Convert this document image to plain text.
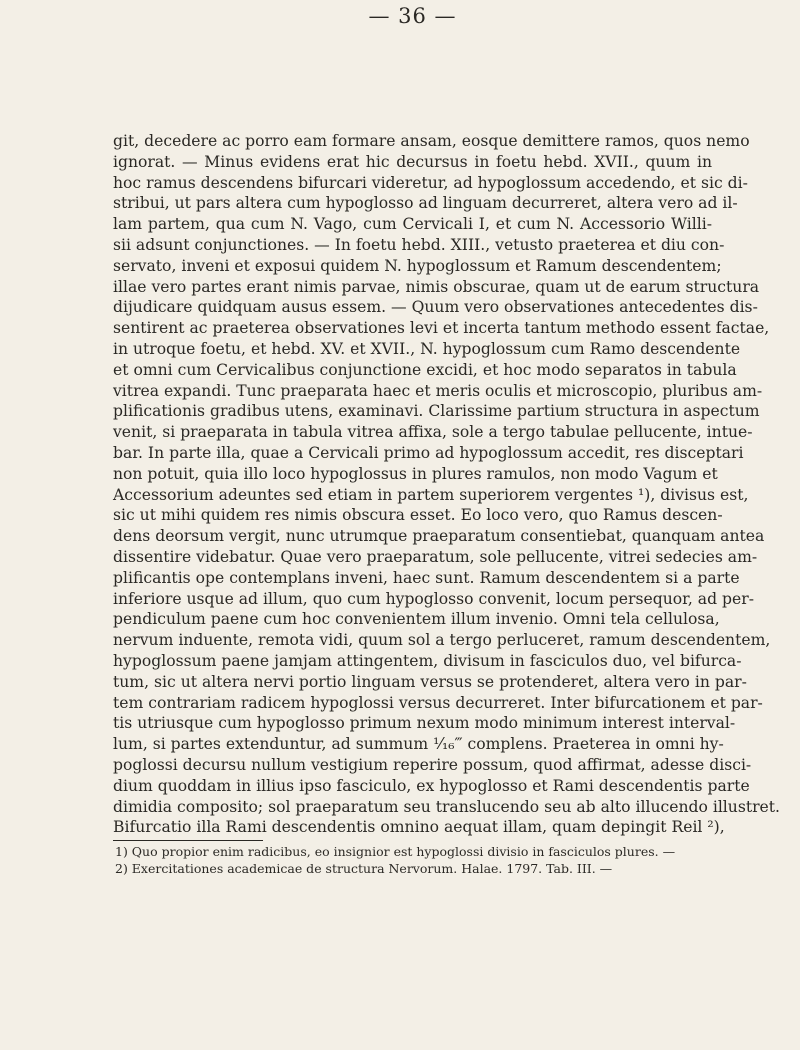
— 36 —
git, decedere ac porro eam formare ansam, eosque demittere ramos, quos nemo
ignorat. — Minus evidens erat hic decursus in foetu hebd. XVII., quum in
hoc ramus descendens bifurcari videretur, ad hypoglossum accedendo, et sic di-
stribui, ut pars altera cum hypoglosso ad linguam decurreret, altera vero ad il-
lam partem, qua cum N. Vago, cum Cervicali I, et cum N. Accessorio Willi-
sii adsunt conjunctiones. — In foetu hebd. XIII., vetusto praeterea et diu con-
servato, inveni et exposui quidem N. hypoglossum et Ramum descendentem;
illae vero partes erant nimis parvae, nimis obscurae, quam ut de earum structura
dijudicare quidquam ausus essem. — Quum vero observationes antecedentes dis-
sentirent ac praeterea observationes levi et incerta tantum methodo essent factae,
in utroque foetu, et hebd. XV. et XVII., N. hypoglossum cum Ramo descendente
et omni cum Cervicalibus conjunctione excidi, et hoc modo separatos in tabula
vitrea expandi. Tunc praeparata haec et meris oculis et microscopio, pluribus am-
plificationis gradibus utens, examinavi. Clarissime partium structura in aspectum
venit, si praeparata in tabula vitrea affixa, sole a tergo tabulae pellucente, intue-
bar. In parte illa, quae a Cervicali primo ad hypoglossum accedit, res disceptari
non potuit, quia illo loco hypoglossus in plures ramulos, non modo Vagum et
Accessorium adeuntes sed etiam in partem superiorem vergentes ¹), divisus est,
sic ut mihi quidem res nimis obscura esset. Eo loco vero, quo Ramus descen-
dens deorsum vergit, nunc utrumque praeparatum consentiebat, quanquam antea
dissentire videbatur. Quae vero praeparatum, sole pellucente, vitrei sedecies am-
plificantis ope contemplans inveni, haec sunt. Ramum descendentem si a parte
inferiore usque ad illum, quo cum hypoglosso convenit, locum persequor, ad per-
pendiculum paene cum hoc convenientem illum invenio. Omni tela cellulosa,
nervum induente, remota vidi, quum sol a tergo perluceret, ramum descendentem,
hypoglossum paene jamjam attingentem, divisum in fasciculos duo, vel bifurca-
tum, sic ut altera nervi portio linguam versus se protenderet, altera vero in par-
tem contrariam radicem hypoglossi versus decurreret. Inter bifurcationem et par-
tis utriusque cum hypoglosso primum nexum modo minimum interest interval-
lum, si partes extenduntur, ad summum ¹⁄₁₆‴ complens. Praeterea in omni hy-
poglossi decursu nullum vestigium reperire possum, quod affirmat, adesse disci-
dium quoddam in illius ipso fasciculo, ex hypoglosso et Rami descendentis parte
dimidia composito; sol praeparatum seu translucendo seu ab alto illucendo illustret.
Bifurcatio illa Rami descendentis omnino aequat illam, quam depingit Reil ²),
1) Quo propior enim radicibus, eo insignior est hypoglossi divisio in fasciculos plures. —
2) Exercitationes academicae de structura Nervorum. Halae. 1797. Tab. III. —
